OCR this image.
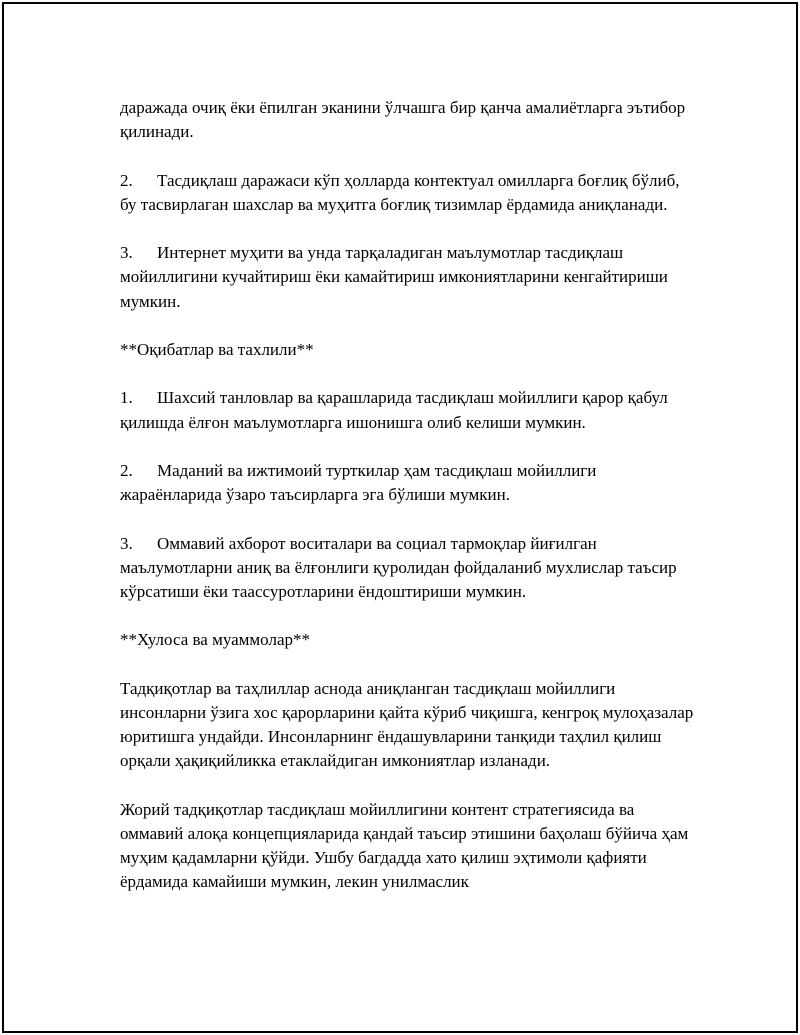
даражада очиқ ёки ёпилган эканини ўлчашга бир қанча амалиётларга эътибор қилинади.

2. Тасдиқлаш даражаси кўп ҳолларда контектуал омилларга боғлиқ бўлиб, бу тасвирлаган шахслар ва муҳитга боғлиқ тизимлар ёрдамида аниқланади.

3. Интернет муҳити ва унда тарқаладиган маълумотлар тасдиқлаш мойиллигини кучайтириш ёки камайтириш имкониятларини кенгайтириши мумкин.

**Оқибатлар ва тахлили**

1. Шахсий танловлар ва қарашларида тасдиқлаш мойиллиги қарор қабул қилишда ёлғон маълумотларга ишонишга олиб келиши мумкин.

2. Маданий ва ижтимоий турткилар ҳам тасдиқлаш мойиллиги жараёнларида ўзаро таъсирларга эга бўлиши мумкин.

3. Оммавий ахборот воситалари ва социал тармоқлар йиғилган маълумотларни аниқ ва ёлғонлиги қуролидан фойдаланиб мухлислар таъсир кўрсатиши ёки таассуротларини ёндоштириши мумкин.

**Хулоса ва муаммолар**

Тадқиқотлар ва таҳлиллар аснода аниқланган тасдиқлаш мойиллиги инсонларни ўзига хос қарорларини қайта кўриб чиқишга, кенгроқ мулоҳазалар юритишга ундайди. Инсонларнинг ёндашувларини танқиди таҳлил қилиш орқали ҳақиқийликка етаклайдиган имкониятлар изланади.

Жорий тадқиқотлар тасдиқлаш мойиллигини контент стратегиясида ва оммавий алоқа концепцияларида қандай таъсир этишини баҳолаш бўйича ҳам муҳим қадамларни қўйди. Ушбу багдадда хато қилиш эҳтимоли қафияти ёрдамида камайиши мумкин, лекин унилмаслик
